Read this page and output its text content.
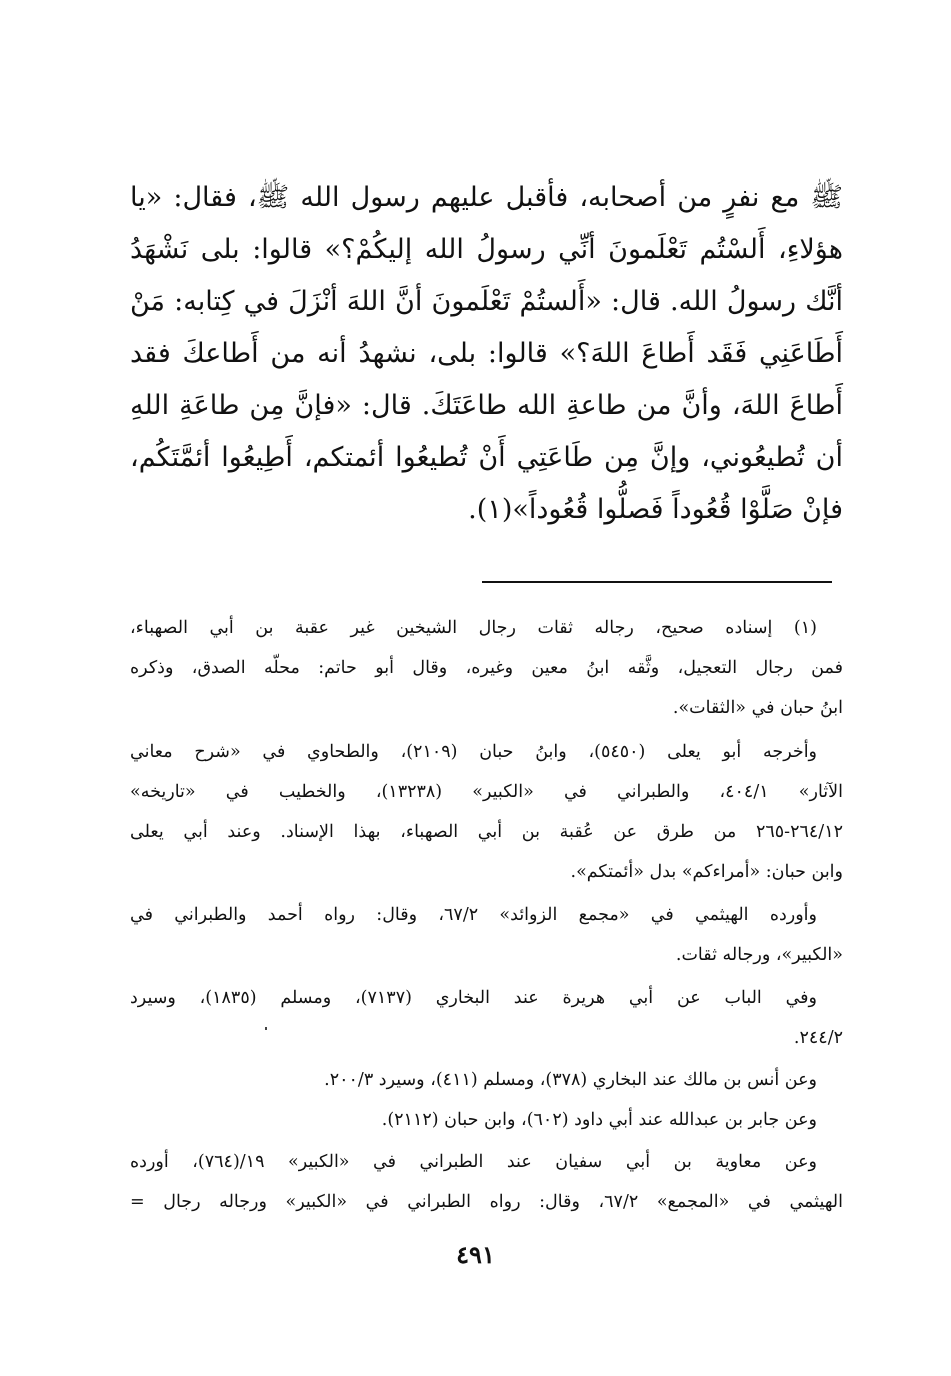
ﷺ مع نفرٍ من أصحابه، فأقبل عليهم رسول الله ﷺ، فقال: «يا
هؤلاءِ، أَلسْتُم تَعْلَمونَ أنِّي رسولُ الله إليكُمْ؟» قالوا: بلى نَشْهَدُ
أنَّك رسولُ الله. قال: «أَلستُمْ تَعْلَمونَ أنَّ اللهَ أنْزَلَ في كِتابه: مَنْ
أَطَاعَنِي فَقَد أَطاعَ اللهَ؟» قالوا: بلى، نشهدُ أنه من أَطاعكَ فقد
أَطاعَ اللهَ، وأنَّ من طاعةِ الله طاعَتَكَ. قال: «فإنَّ مِن طاعَةِ اللهِ
أن تُطيعُوني، وإنَّ مِن طَاعَتِي أَنْ تُطيعُوا أئمتكم، أَطِيعُوا أئمَّتَكُم،
فإنْ صَلَّوْا قُعُوداً فَصلُّوا قُعُوداً»(١).
(١) إسناده صحيح، رجاله ثقات رجال الشيخين غير عقبة بن أبي الصهباء،
فمن رجال التعجيل، وثَّقه ابنُ معين وغيره، وقال أبو حاتم: محلّه الصدق، وذكره
ابنُ حبان في «الثقات».
وأخرجه أبو يعلى (٥٤٥٠)، وابنُ حبان (٢١٠٩)، والطحاوي في «شرح معاني
الآثار» ٤٠٤/١، والطبراني في «الكبير» (١٣٢٣٨)، والخطيب في «تاريخه»
٢٦٤/١٢-٢٦٥ من طرق عن عُقبة بن أبي الصهباء، بهذا الإسناد. وعند أبي يعلى
وابن حبان: «أمراءكم» بدل «أئمتكم».
وأورده الهيثمي في «مجمع الزوائد» ٦٧/٢، وقال: رواه أحمد والطبراني في
«الكبير»، ورجاله ثقات.
وفي الباب عن أبي هريرة عند البخاري (٧١٣٧)، ومسلم (١٨٣٥)، وسيرد
٢٤٤/٢.
وعن أنس بن مالك عند البخاري (٣٧٨)، ومسلم (٤١١)، وسيرد ٢٠٠/٣.
وعن جابر بن عبدالله عند أبي داود (٦٠٢)، وابن حبان (٢١١٢).
وعن معاوية بن أبي سفيان عند الطبراني في «الكبير» ١٩/(٧٦٤)، أورده
الهيثمي في «المجمع» ٦٧/٢، وقال: رواه الطبراني في «الكبير» ورجاله رجال =
٤٩١
